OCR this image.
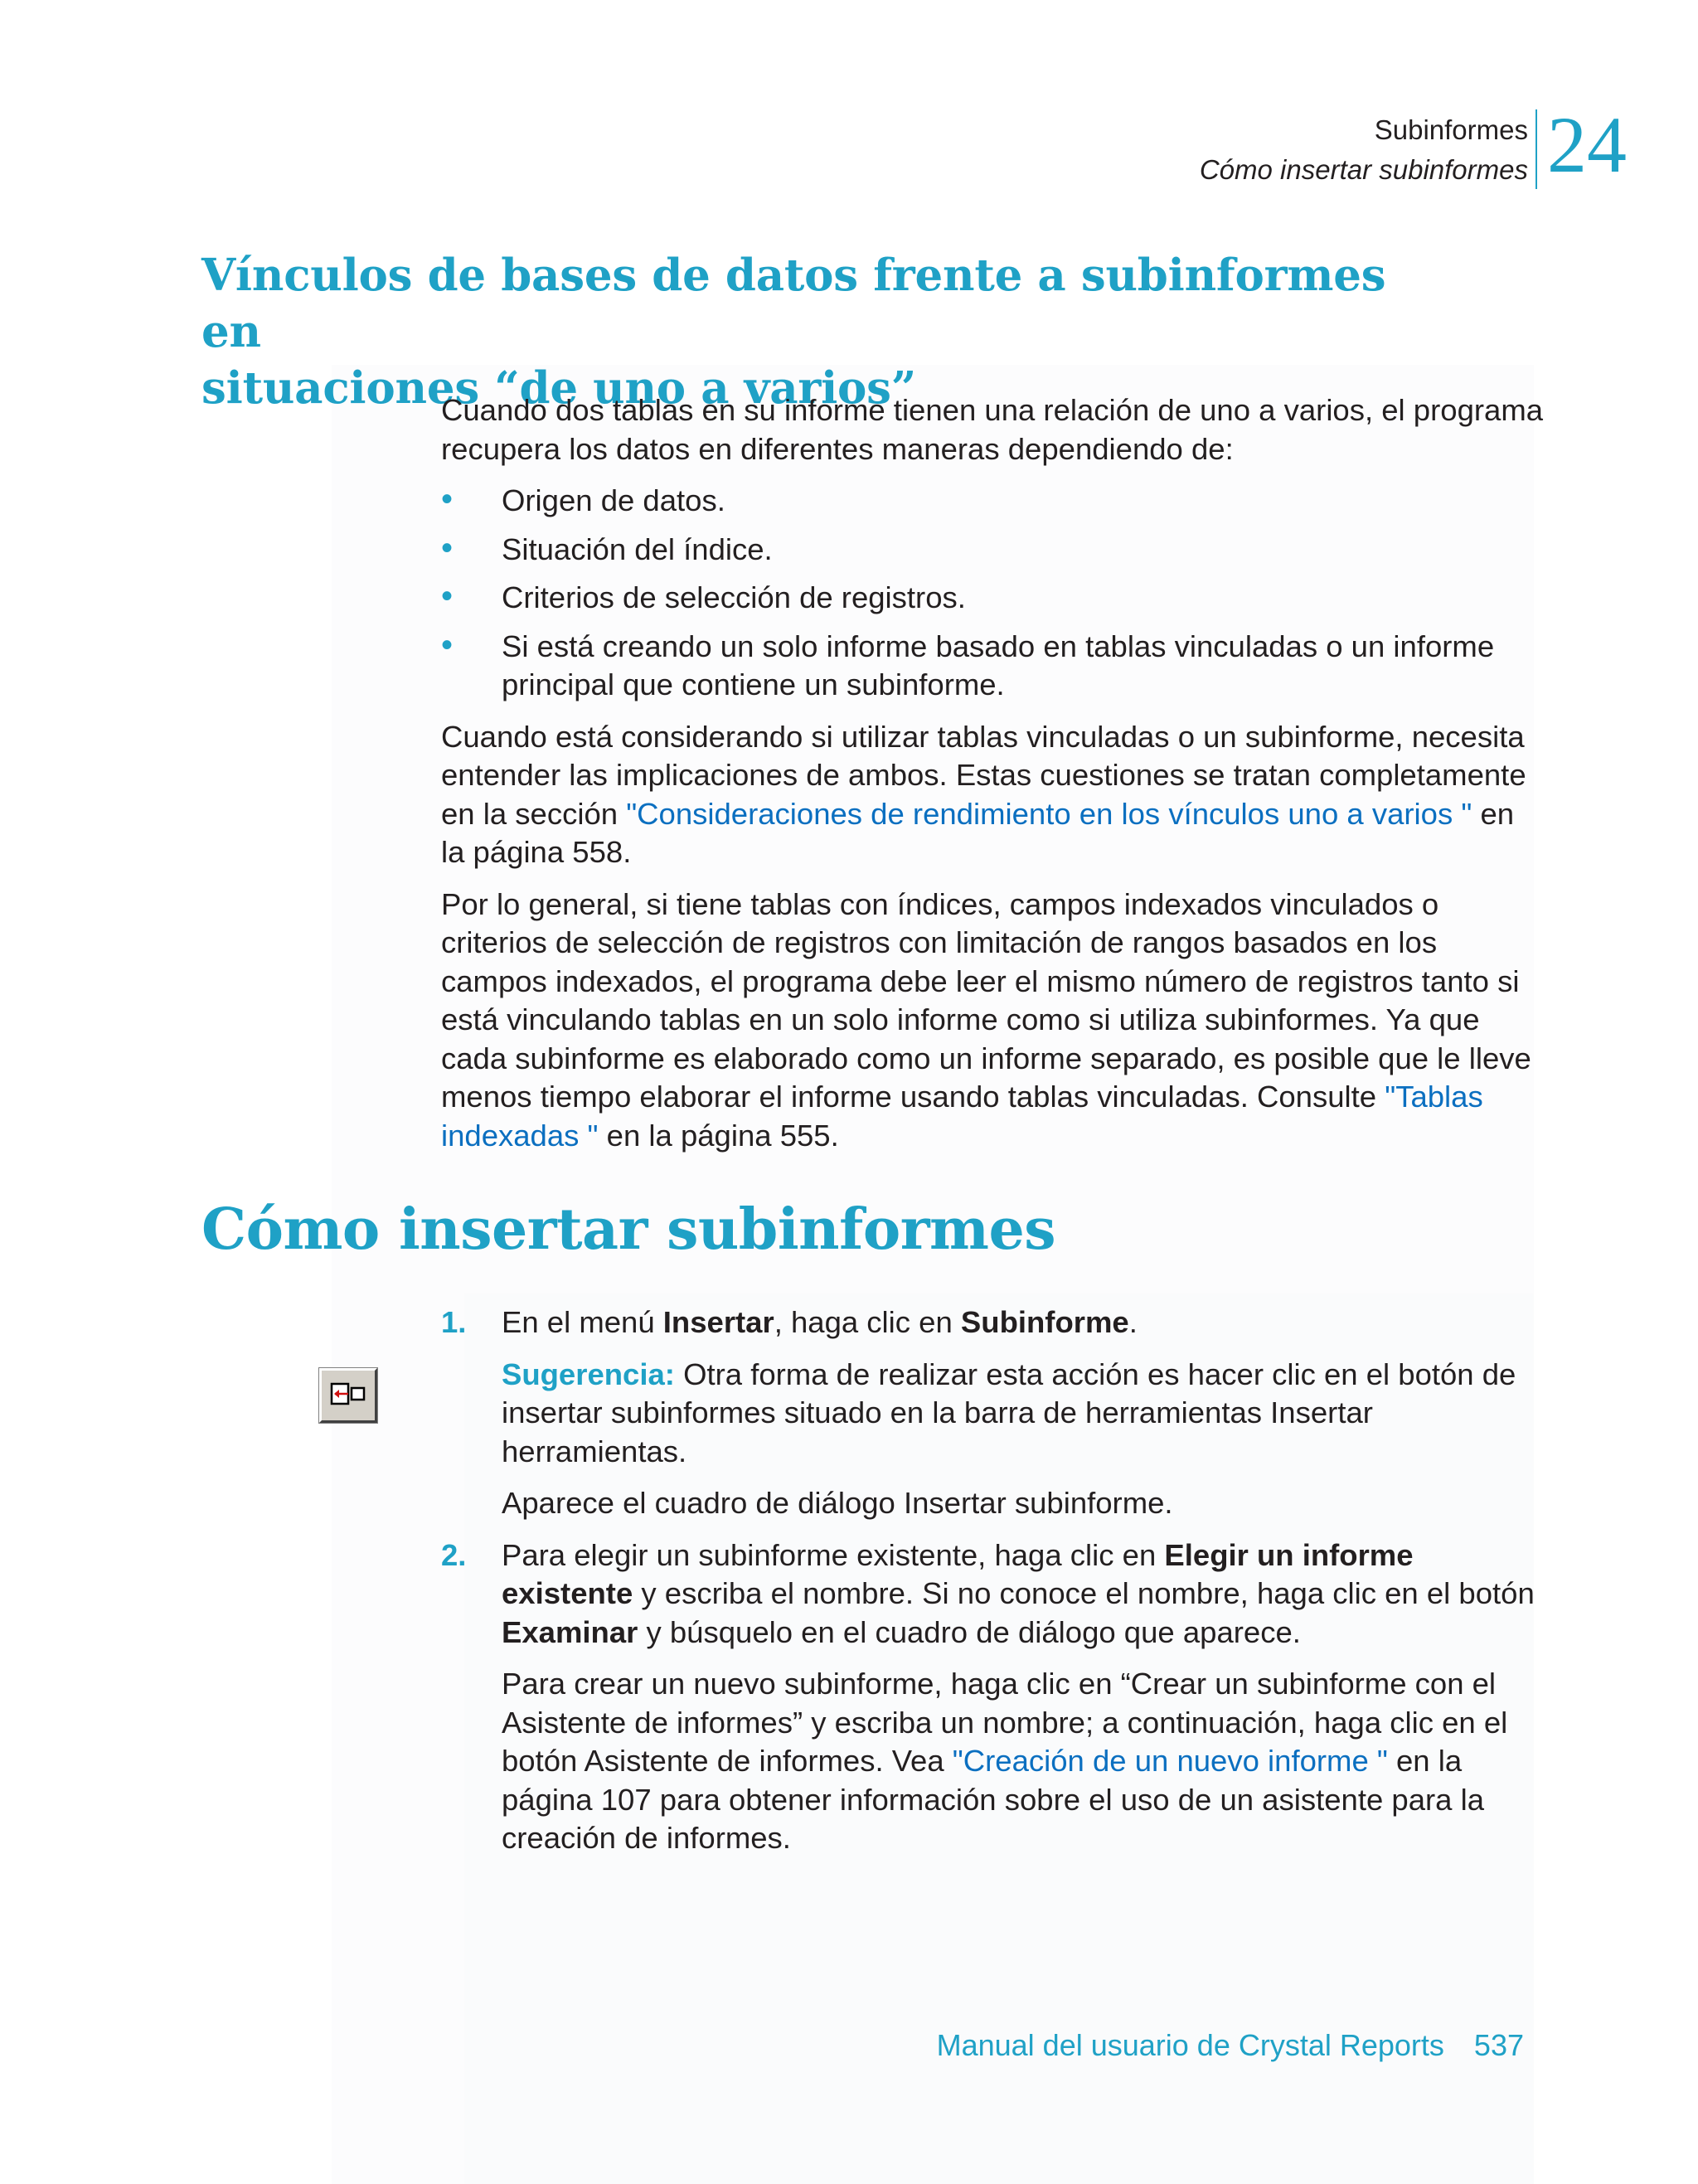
Subinformes
Cómo insertar subinformes 24
Vínculos de bases de datos frente a subinformes en
situaciones “de uno a varios”

Cuando dos tablas en su informe tienen una relación de uno a varios, el programa recupera los datos en diferentes maneras dependiendo de:

• Origen de datos.
• Situación del índice.
• Criterios de selección de registros.
• Si está creando un solo informe basado en tablas vinculadas o un informe principal que contiene un subinforme.

Cuando está considerando si utilizar tablas vinculadas o un subinforme, necesita entender las implicaciones de ambos. Estas cuestiones se tratan completamente en la sección "Consideraciones de rendimiento en los vínculos uno a varios " en la página 558.

Por lo general, si tiene tablas con índices, campos indexados vinculados o criterios de selección de registros con limitación de rangos basados en los campos indexados, el programa debe leer el mismo número de registros tanto si está vinculando tablas en un solo informe como si utiliza subinformes. Ya que cada subinforme es elaborado como un informe separado, es posible que le lleve menos tiempo elaborar el informe usando tablas vinculadas. Consulte "Tablas indexadas " en la página 555.

Cómo insertar subinformes
1. En el menú Insertar, haga clic en Subinforme.

Sugerencia: Otra forma de realizar esta acción es hacer clic en el botón de insertar subinformes situado en la barra de herramientas Insertar herramientas.

Aparece el cuadro de diálogo Insertar subinforme.

2. Para elegir un subinforme existente, haga clic en Elegir un informe existente y escriba el nombre. Si no conoce el nombre, haga clic en el botón Examinar y búsquelo en el cuadro de diálogo que aparece.

Para crear un nuevo subinforme, haga clic en “Crear un subinforme con el Asistente de informes” y escriba un nombre; a continuación, haga clic en el botón Asistente de informes. Vea "Creación de un nuevo informe " en la página 107 para obtener información sobre el uso de un asistente para la creación de informes.

Manual del usuario de Crystal Reports 537
